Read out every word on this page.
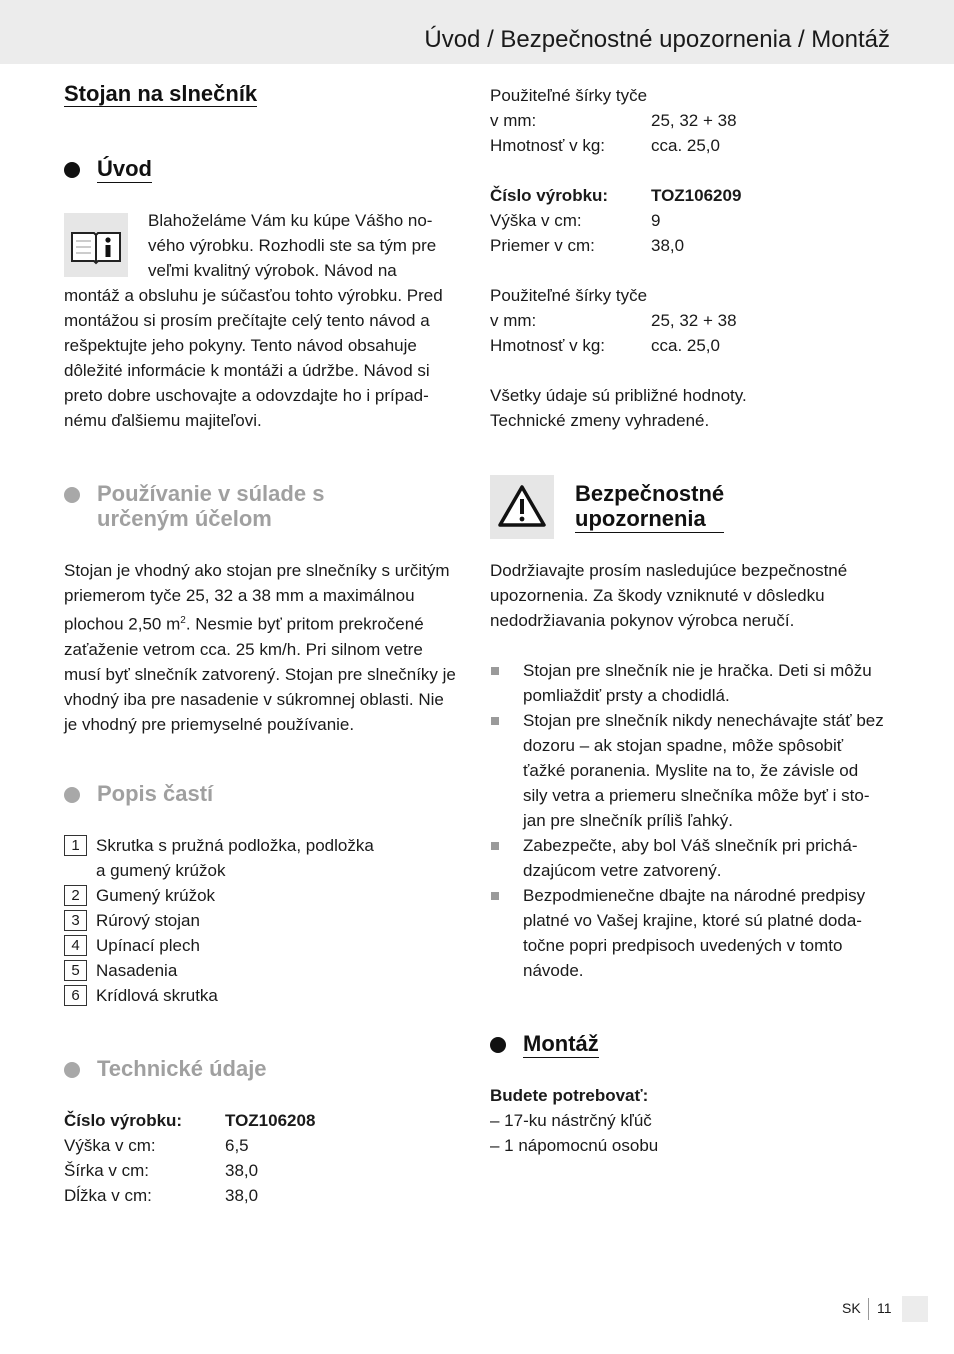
Úvod / Bezpečnostné upozornenia / Montáž
Stojan na slnečník
Úvod
Blahoželáme Vám ku kúpe Vášho no-
vého výrobku. Rozhodli ste sa tým pre
veľmi kvalitný výrobok. Návod na
montáž a obsluhu je súčasťou tohto výrobku. Pred
montážou si prosím prečítajte celý tento návod a
rešpektujte jeho pokyny. Tento návod obsahuje
dôležité informácie k montáži a údržbe. Návod si
preto dobre uschovajte a odovzdajte ho i prípad-
nému ďalšiemu majiteľovi.
Používanie v súlade s
určeným účelom
Stojan je vhodný ako stojan pre slnečníky s určitým
priemerom tyče 25, 32 a 38 mm a maximálnou
plochou 2,50 $m^2$. Nesmie byť pritom prekročené
zaťaženie vetrom cca. 25 km/h. Pri silnom vetre
musí byť slnečník zatvorený. Stojan pre slnečníky je
vhodný iba pre nasadenie v súkromnej oblasti. Nie
je vhodný pre priemyselné používanie.
Popis častí
1 Skrutka s pružná podložka, podložka
a gumený krúžok
2 Gumený krúžok
3 Rúrový stojan
4 Upínací plech
5 Nasadenia
6 Krídlová skrutka
Technické údaje
Číslo výrobku:	TOZ106208
Výška v cm:	6,5
Šírka v cm:	38,0
Dĺžka v cm:	38,0
Použiteľné šírky tyče
v mm:	25, 32 + 38
Hmotnosť v kg:	cca. 25,0
Číslo výrobku:	TOZ106209
Výška v cm:	9
Priemer v cm:	38,0
Použiteľné šírky tyče
v mm:	25, 32 + 38
Hmotnosť v kg:	cca. 25,0
Všetky údaje sú približné hodnoty.
Technické zmeny vyhradené.
Bezpečnostné
upozornenia
Dodržiavajte prosím nasledujúce bezpečnostné
upozornenia. Za škody vzniknuté v dôsledku
nedodržiavania pokynov výrobca neručí.
Stojan pre slnečník nie je hračka. Deti si môžu
pomliaždiť prsty a chodidlá.
Stojan pre slnečník nikdy nenechávajte stáť bez
dozoru – ak stojan spadne, môže spôsobiť
ťažké poranenia. Myslite na to, že závisle od
sily vetra a priemeru slnečníka môže byť i sto-
jan pre slnečník príliš ľahký.
Zabezpečte, aby bol Váš slnečník pri prichá-
dzajúcom vetre zatvorený.
Bezpodmienečne dbajte na národné predpisy
platné vo Vašej krajine, ktoré sú platné doda-
točne popri predpisoch uvedených v tomto
návode.
Montáž
Budete potrebovať:
– 17-ku nástrčný kľúč
– 1 nápomocnú osobu
SK 11
